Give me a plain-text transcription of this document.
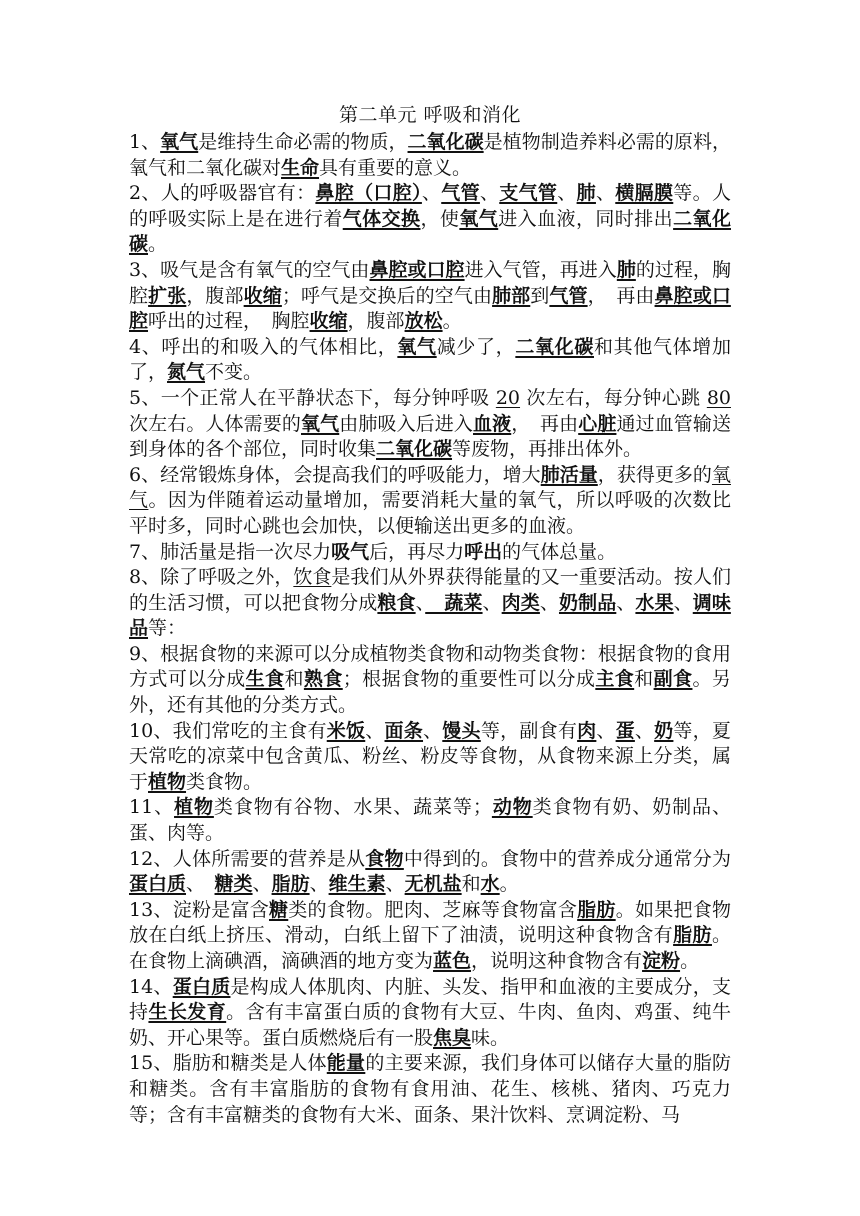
第二单元 呼吸和消化

1、氧气是维持生命必需的物质，二氧化碳是植物制造养料必需的原料，氧气和二氧化碳对生命具有重要的意义。

2、人的呼吸器官有：鼻腔（口腔）、气管、支气管、肺、横膈膜等。人的呼吸实际上是在进行着气体交换，使氧气进入血液，同时排出二氧化碳。

3、吸气是含有氧气的空气由鼻腔或口腔进入气管，再进入肺的过程，胸腔扩张，腹部收缩；呼气是交换后的空气由肺部到气管，　再由鼻腔或口腔呼出的过程，　胸腔收缩，腹部放松。

4、呼出的和吸入的气体相比，氧气减少了，二氧化碳和其他气体增加了，氮气不变。

5、一个正常人在平静状态下，每分钟呼吸 20 次左右，每分钟心跳 80 次左右。人体需要的氧气由肺吸入后进入血液，　再由心脏通过血管输送到身体的各个部位，同时收集二氧化碳等废物，再排出体外。

6、经常锻炼身体，会提高我们的呼吸能力，增大肺活量，获得更多的氧气。因为伴随着运动量增加，需要消耗大量的氧气，所以呼吸的次数比平时多，同时心跳也会加快，以便输送出更多的血液。

7、肺活量是指一次尽力吸气后，再尽力呼出的气体总量。

8、除了呼吸之外，饮食是我们从外界获得能量的又一重要活动。按人们的生活习惯，可以把食物分成粮食、　蔬菜、肉类、奶制品、水果、调味品等：

9、根据食物的来源可以分成植物类食物和动物类食物：根据食物的食用方式可以分成生食和熟食；根据食物的重要性可以分成主食和副食。另外，还有其他的分类方式。

10、我们常吃的主食有米饭、面条、馒头等，副食有肉、蛋、奶等，夏天常吃的凉菜中包含黄瓜、粉丝、粉皮等食物，从食物来源上分类，属于植物类食物。

11、植物类食物有谷物、水果、蔬菜等；动物类食物有奶、奶制品、蛋、肉等。

12、人体所需要的营养是从食物中得到的。食物中的营养成分通常分为蛋白质、　糖类、脂肪、维生素、无机盐和水。

13、淀粉是富含糖类的食物。肥肉、芝麻等食物富含脂肪。如果把食物放在白纸上挤压、滑动，白纸上留下了油渍，说明这种食物含有脂肪。在食物上滴碘酒，滴碘酒的地方变为蓝色，说明这种食物含有淀粉。

14、蛋白质是构成人体肌肉、内脏、头发、指甲和血液的主要成分，支持生长发育。含有丰富蛋白质的食物有大豆、牛肉、鱼肉、鸡蛋、纯牛奶、开心果等。蛋白质燃烧后有一股焦臭味。

15、脂肪和糖类是人体能量的主要来源，我们身体可以储存大量的脂防和糖类。含有丰富脂肪的食物有食用油、花生、核桃、猪肉、巧克力等；含有丰富糖类的食物有大米、面条、果汁饮料、烹调淀粉、马
